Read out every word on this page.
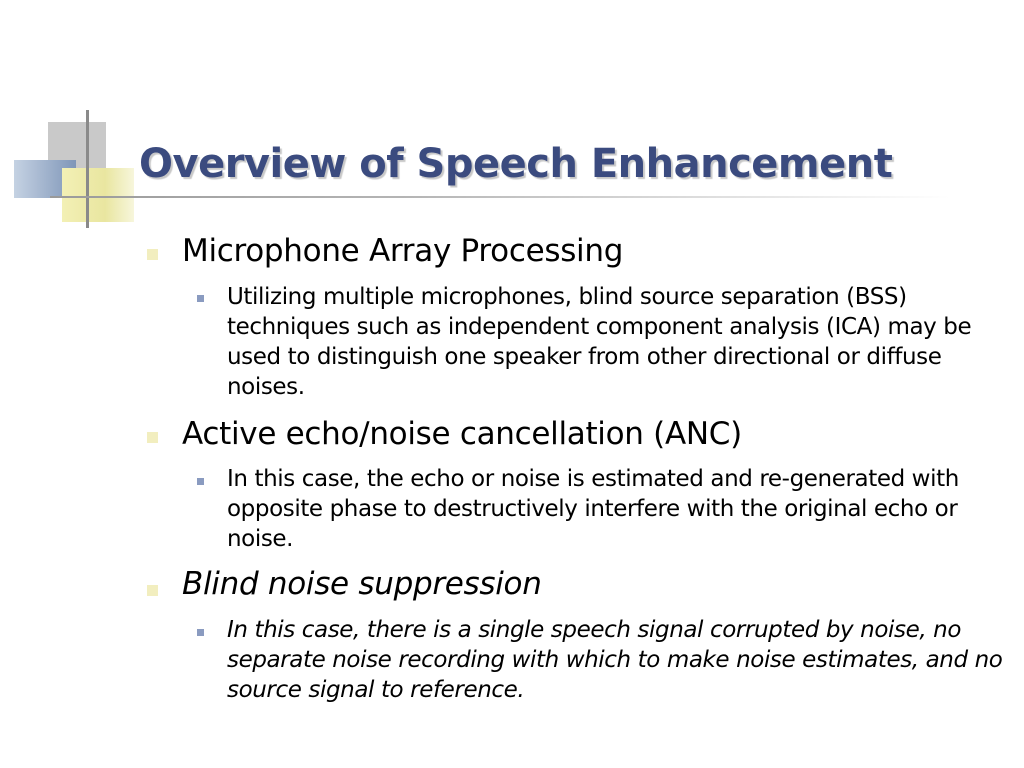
Overview of Speech Enhancement

Microphone Array Processing

Utilizing multiple microphones, blind source separation (BSS) techniques such as independent component analysis (ICA) may be used to distinguish one speaker from other directional or diffuse noises.

Active echo/noise cancellation (ANC)

In this case, the echo or noise is estimated and re-generated with opposite phase to destructively interfere with the original echo or noise.

Blind noise suppression

In this case, there is a single speech signal corrupted by noise, no separate noise recording with which to make noise estimates, and no source signal to reference.
